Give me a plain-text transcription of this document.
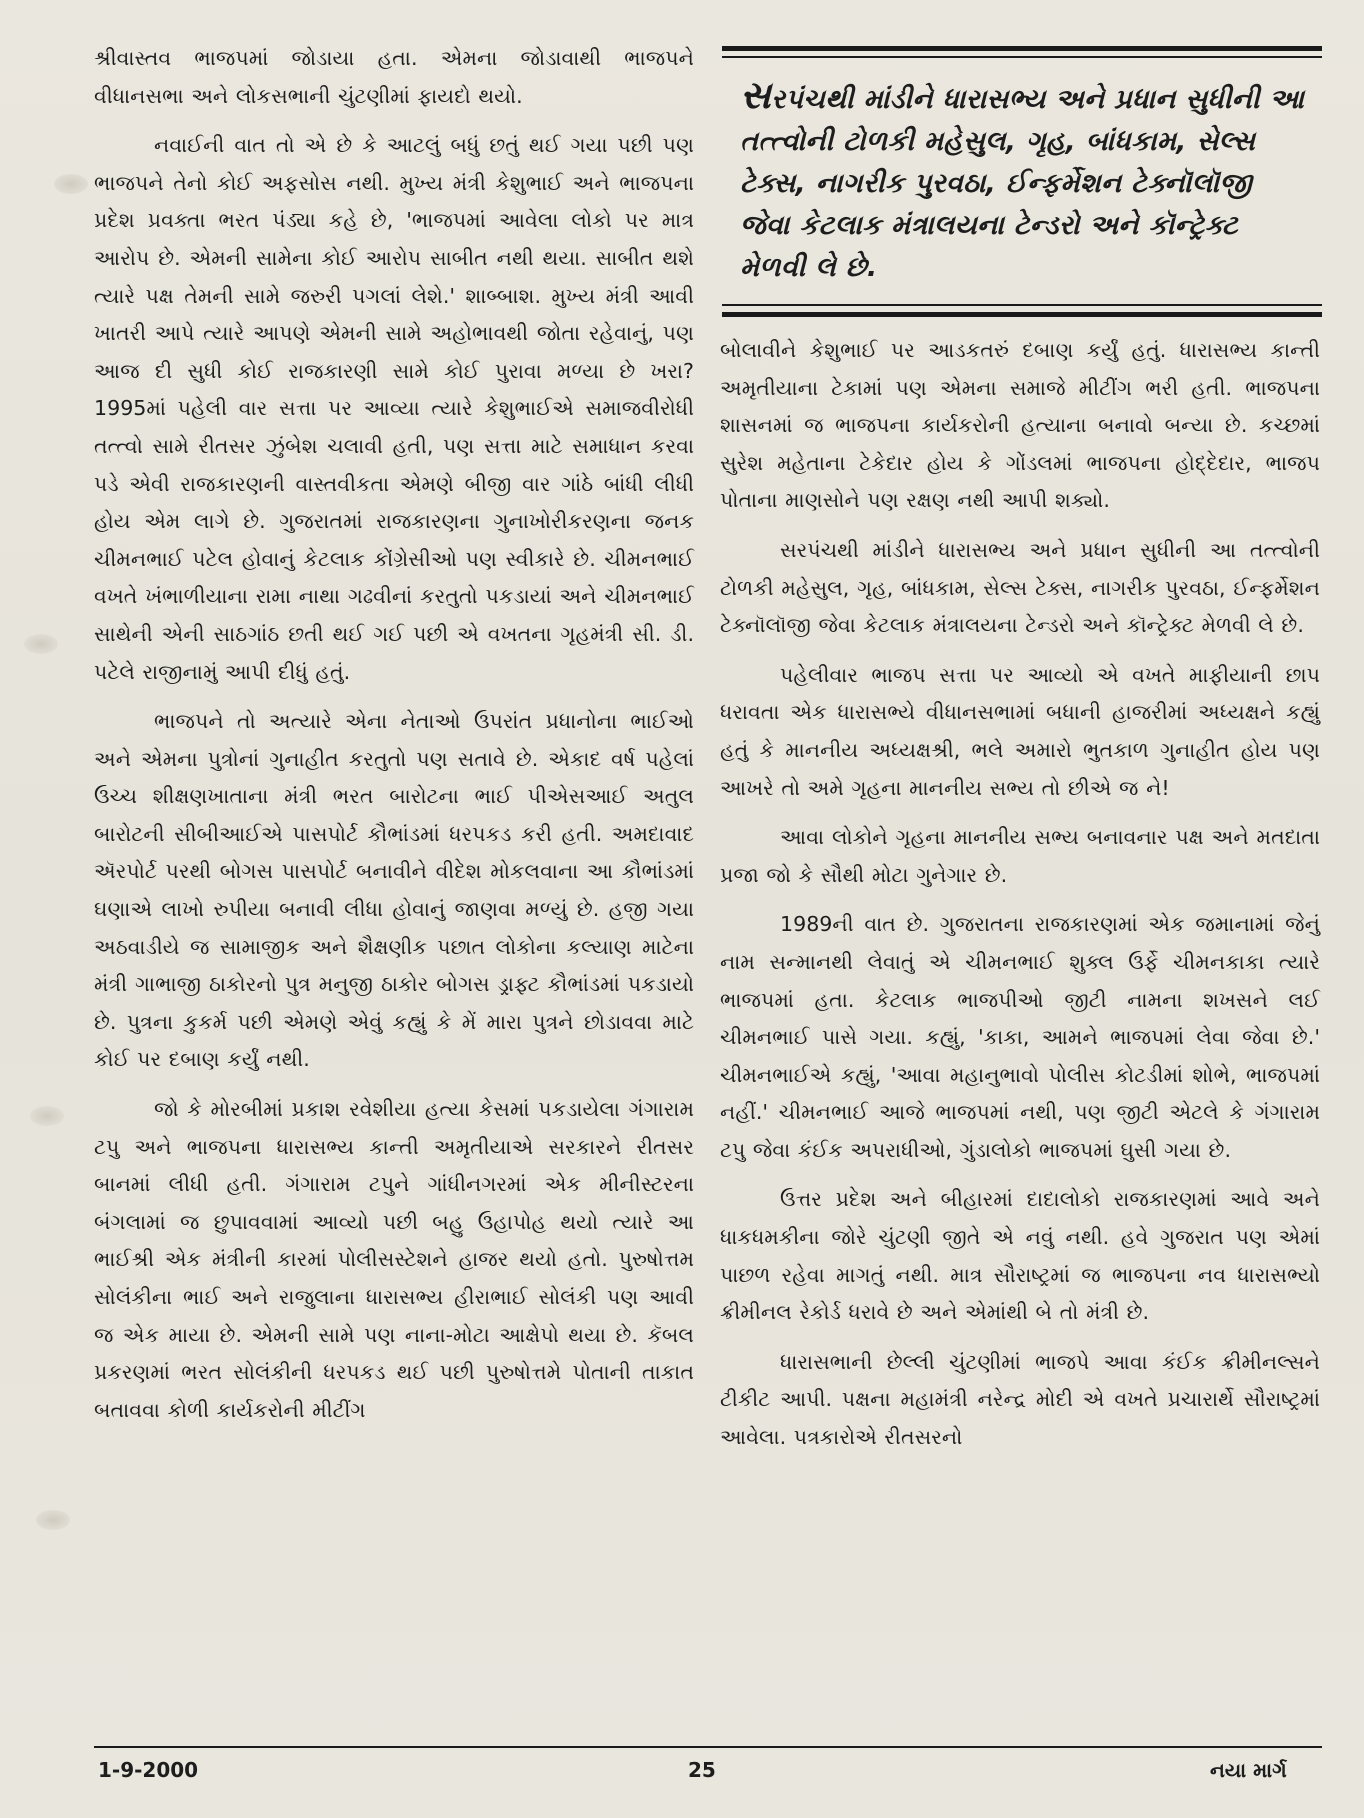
શ્રીવાસ્તવ ભાજપમાં જોડાયા હતા. એમના જોડાવાથી ભાજપને વીધાનસભા અને લોકસભાની ચુંટણીમાં ફાયદો થયો.

નવાઈની વાત તો એ છે કે આટલું બધું છતું થઈ ગયા પછી પણ ભાજપને તેનો કોઈ અફસોસ નથી. મુખ્ય મંત્રી કેશુભાઈ અને ભાજપના પ્રદેશ પ્રવક્તા ભરત પંડ્યા કહે છે, 'ભાજપમાં આવેલા લોકો પર માત્ર આરોપ છે. એમની સામેના કોઈ આરોપ સાબીત નથી થયા. સાબીત થશે ત્યારે પક્ષ તેમની સામે જરુરી પગલાં લેશે.' શાબ્બાશ. મુખ્ય મંત્રી આવી ખાતરી આપે ત્યારે આપણે એમની સામે અહોભાવથી જોતા રહેવાનું, પણ આજ દી સુધી કોઈ રાજકારણી સામે કોઈ પુરાવા મળ્યા છે ખરા? 1995માં પહેલી વાર સત્તા પર આવ્યા ત્યારે કેશુભાઈએ સમાજવીરોધી તત્ત્વો સામે રીતસર ઝુંબેશ ચલાવી હતી, પણ સત્તા માટે સમાધાન કરવા પડે એવી રાજકારણની વાસ્તવીકતા એમણે બીજી વાર ગાંઠે બાંધી લીધી હોય એમ લાગે છે. ગુજરાતમાં રાજકારણના ગુનાખોરીકરણના જનક ચીમનભાઈ પટેલ હોવાનું કેટલાક કોંગ્રેસીઓ પણ સ્વીકારે છે. ચીમનભાઈ વખતે ખંભાળીયાના રામા નાથા ગઢવીનાં કરતુતો પકડાયાં અને ચીમનભાઈ સાથેની એની સાઠગાંઠ છતી થઈ ગઈ પછી એ વખતના ગૃહમંત્રી સી. ડી. પટેલે રાજીનામું આપી દીધું હતું.

ભાજપને તો અત્યારે એના નેતાઓ ઉપરાંત પ્રધાનોના ભાઈઓ અને એમના પુત્રોનાં ગુનાહીત કરતુતો પણ સતાવે છે. એકાદ વર્ષ પહેલાં ઉચ્ચ શીક્ષણખાતાના મંત્રી ભરત બારોટના ભાઈ પીએસઆઈ અતુલ બારોટની સીબીઆઈએ પાસપોર્ટ કૌભાંડમાં ધરપકડ કરી હતી. અમદાવાદ ઍરપોર્ટ પરથી બોગસ પાસપોર્ટ બનાવીને વીદેશ મોકલવાના આ કૌભાંડમાં ઘણાએ લાખો રુપીયા બનાવી લીધા હોવાનું જાણવા મળ્યું છે. હજી ગયા અઠવાડીયે જ સામાજીક અને શૈક્ષણીક પછાત લોકોના કલ્યાણ માટેના મંત્રી ગાભાજી ઠાકોરનો પુત્ર મનુજી ઠાકોર બોગસ ડ્રાફ્ટ કૌભાંડમાં પકડાયો છે. પુત્રના કુકર્મ પછી એમણે એવું કહ્યું કે મેં મારા પુત્રને છોડાવવા માટે કોઈ પર દબાણ કર્યું નથી.

જો કે મોરબીમાં પ્રકાશ રવેશીયા હત્યા કેસમાં પકડાયેલા ગંગારામ ટપુ અને ભાજપના ધારાસભ્ય કાન્તી અમૃતીયાએ સરકારને રીતસર બાનમાં લીધી હતી. ગંગારામ ટપુને ગાંધીનગરમાં એક મીનીસ્ટરના બંગલામાં જ છુપાવવામાં આવ્યો પછી બહુ ઉહાપોહ થયો ત્યારે આ ભાઈશ્રી એક મંત્રીની કારમાં પોલીસસ્ટેશને હાજર થયો હતો. પુરુષોત્તમ સોલંકીના ભાઈ અને રાજુલાના ધારાસભ્ય હીરાભાઈ સોલંકી પણ આવી જ એક માયા છે. એમની સામે પણ નાના-મોટા આક્ષેપો થયા છે. કૅબલ પ્રકરણમાં ભરત સોલંકીની ધરપકડ થઈ પછી પુરુષોત્તમે પોતાની તાકાત બતાવવા કોળી કાર્યકરોની મીટીંગ

સરપંચથી માંડીને ધારાસભ્ય અને પ્રધાન સુધીની આ તત્ત્વોની ટોળકી મહેસુલ, ગૃહ, બાંધકામ, સેલ્સ ટેક્સ, નાગરીક પુરવઠા, ઈન્ફર્મેશન ટેક્નૉલૉજી જેવા કેટલાક મંત્રાલયના ટેન્ડરો અને કૉન્ટ્રેક્ટ મેળવી લે છે.

બોલાવીને કેશુભાઈ પર આડકતરું દબાણ કર્યું હતું. ધારાસભ્ય કાન્તી અમૃતીયાના ટેકામાં પણ એમના સમાજે મીટીંગ ભરી હતી. ભાજપના શાસનમાં જ ભાજપના કાર્યકરોની હત્યાના બનાવો બન્યા છે. કચ્છમાં સુરેશ મહેતાના ટેકેદાર હોય કે ગોંડલમાં ભાજપના હોદ્દેદાર, ભાજપ પોતાના માણસોને પણ રક્ષણ નથી આપી શક્યો.

સરપંચથી માંડીને ધારાસભ્ય અને પ્રધાન સુધીની આ તત્ત્વોની ટોળકી મહેસુલ, ગૃહ, બાંધકામ, સેલ્સ ટેક્સ, નાગરીક પુરવઠા, ઈન્ફર્મેશન ટેક્નૉલૉજી જેવા કેટલાક મંત્રાલયના ટેન્ડરો અને કૉન્ટ્રેક્ટ મેળવી લે છે.

પહેલીવાર ભાજપ સત્તા પર આવ્યો એ વખતે માફીયાની છાપ ધરાવતા એક ધારાસભ્યે વીધાનસભામાં બધાની હાજરીમાં અધ્યક્ષને કહ્યું હતું કે માનનીય અધ્યક્ષશ્રી, ભલે અમારો ભુતકાળ ગુનાહીત હોય પણ આખરે તો અમે ગૃહના માનનીય સભ્ય તો છીએ જ ને!

આવા લોકોને ગૃહના માનનીય સભ્ય બનાવનાર પક્ષ અને મતદાતા પ્રજા જો કે સૌથી મોટા ગુનેગાર છે.

1989ની વાત છે. ગુજરાતના રાજકારણમાં એક જમાનામાં જેનું નામ સન્માનથી લેવાતું એ ચીમનભાઈ શુક્લ ઉર્ફે ચીમનકાકા ત્યારે ભાજપમાં હતા. કેટલાક ભાજપીઓ જીટી નામના શખસને લઈ ચીમનભાઈ પાસે ગયા. કહ્યું, 'કાકા, આમને ભાજપમાં લેવા જેવા છે.' ચીમનભાઈએ કહ્યું, 'આવા મહાનુભાવો પોલીસ કોટડીમાં શોભે, ભાજપમાં નહીં.' ચીમનભાઈ આજે ભાજપમાં નથી, પણ જીટી એટલે કે ગંગારામ ટપુ જેવા કંઈક અપરાધીઓ, ગુંડાલોકો ભાજપમાં ઘુસી ગયા છે.

ઉત્તર પ્રદેશ અને બીહારમાં દાદાલોકો રાજકારણમાં આવે અને ધાકધમકીના જોરે ચુંટણી જીતે એ નવું નથી. હવે ગુજરાત પણ એમાં પાછળ રહેવા માગતું નથી. માત્ર સૌરાષ્ટ્રમાં જ ભાજપના નવ ધારાસભ્યો ક્રીમીનલ રેકોર્ડ ધરાવે છે અને એમાંથી બે તો મંત્રી છે.

ધારાસભાની છેલ્લી ચુંટણીમાં ભાજપે આવા કંઈક ક્રીમીનલ્સને ટીકીટ આપી. પક્ષના મહામંત્રી નરેન્દ્ર મોદી એ વખતે પ્રચારાર્થે સૌરાષ્ટ્રમાં આવેલા. પત્રકારોએ રીતસરનો

1-9-2000	25	નયા માર્ગ
